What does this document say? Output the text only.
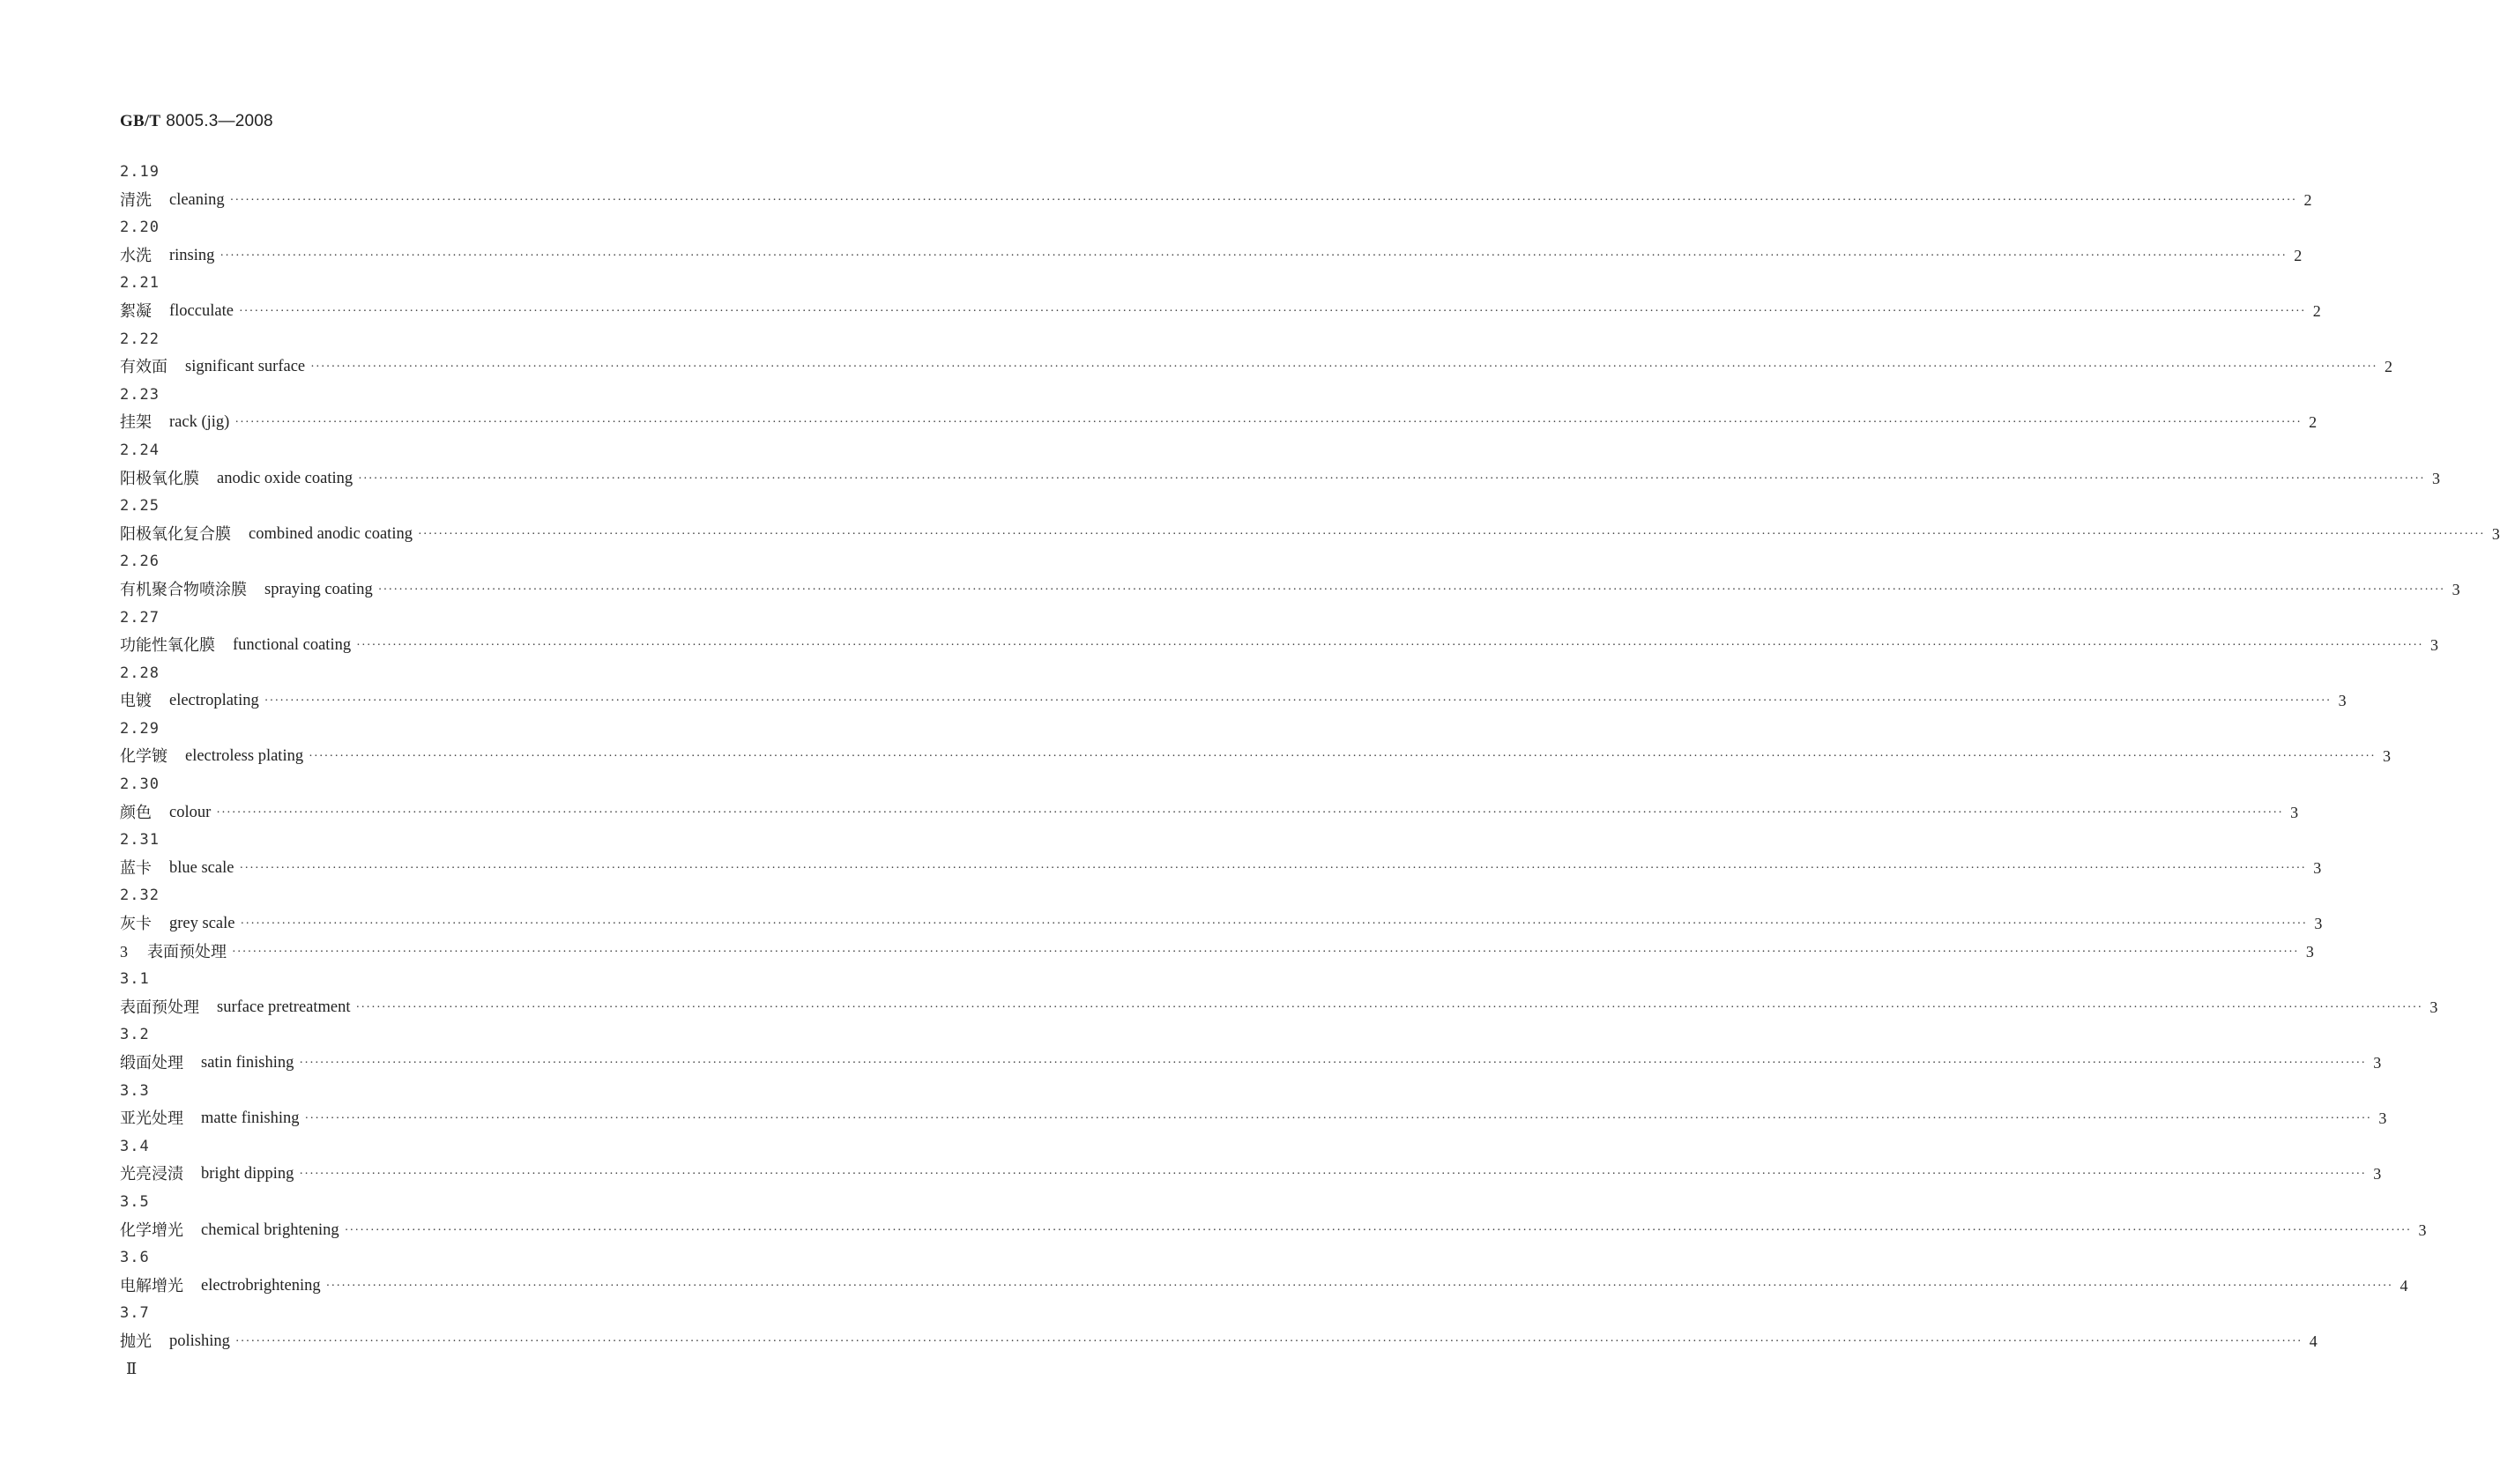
GB/T 8005.3—2008
2.19
清洗 cleaning ················································································································································································································································································································································································································ 2
2.20
水洗 rinsing ················································································································································································································································································································································································································ 2
2.21
絮凝 flocculate ················································································································································································································································································································································································································ 2
2.22
有效面 significant surface ················································································································································································································································································································································································································ 2
2.23
挂架 rack (jig) ················································································································································································································································································································································································································ 2
2.24
阳极氧化膜 anodic oxide coating ················································································································································································································································································································································································································ 3
2.25
阳极氧化复合膜 combined anodic coating ················································································································································································································································································································································································································ 3
2.26
有机聚合物喷涂膜 spraying coating ················································································································································································································································································································································································································ 3
2.27
功能性氧化膜 functional coating ················································································································································································································································································································································································································ 3
2.28
电镀 electroplating ················································································································································································································································································································································································································ 3
2.29
化学镀 electroless plating ················································································································································································································································································································································································································ 3
2.30
颜色 colour ················································································································································································································································································································································································································ 3
2.31
蓝卡 blue scale ················································································································································································································································································································································································································ 3
2.32
灰卡 grey scale ················································································································································································································································································································································································································ 3
3 表面预处理 ················································································································································································································································································································································································································ 3
3.1
表面预处理 surface pretreatment ················································································································································································································································································································································································································ 3
3.2
缎面处理 satin finishing ················································································································································································································································································································································································································ 3
3.3
亚光处理 matte finishing ················································································································································································································································································································································································································ 3
3.4
光亮浸渍 bright dipping ················································································································································································································································································································································································································ 3
3.5
化学增光 chemical brightening ················································································································································································································································································································································································································ 3
3.6
电解增光 electrobrightening ················································································································································································································································································································································································································ 4
3.7
抛光 polishing ················································································································································································································································································································································································································ 4
Ⅱ
